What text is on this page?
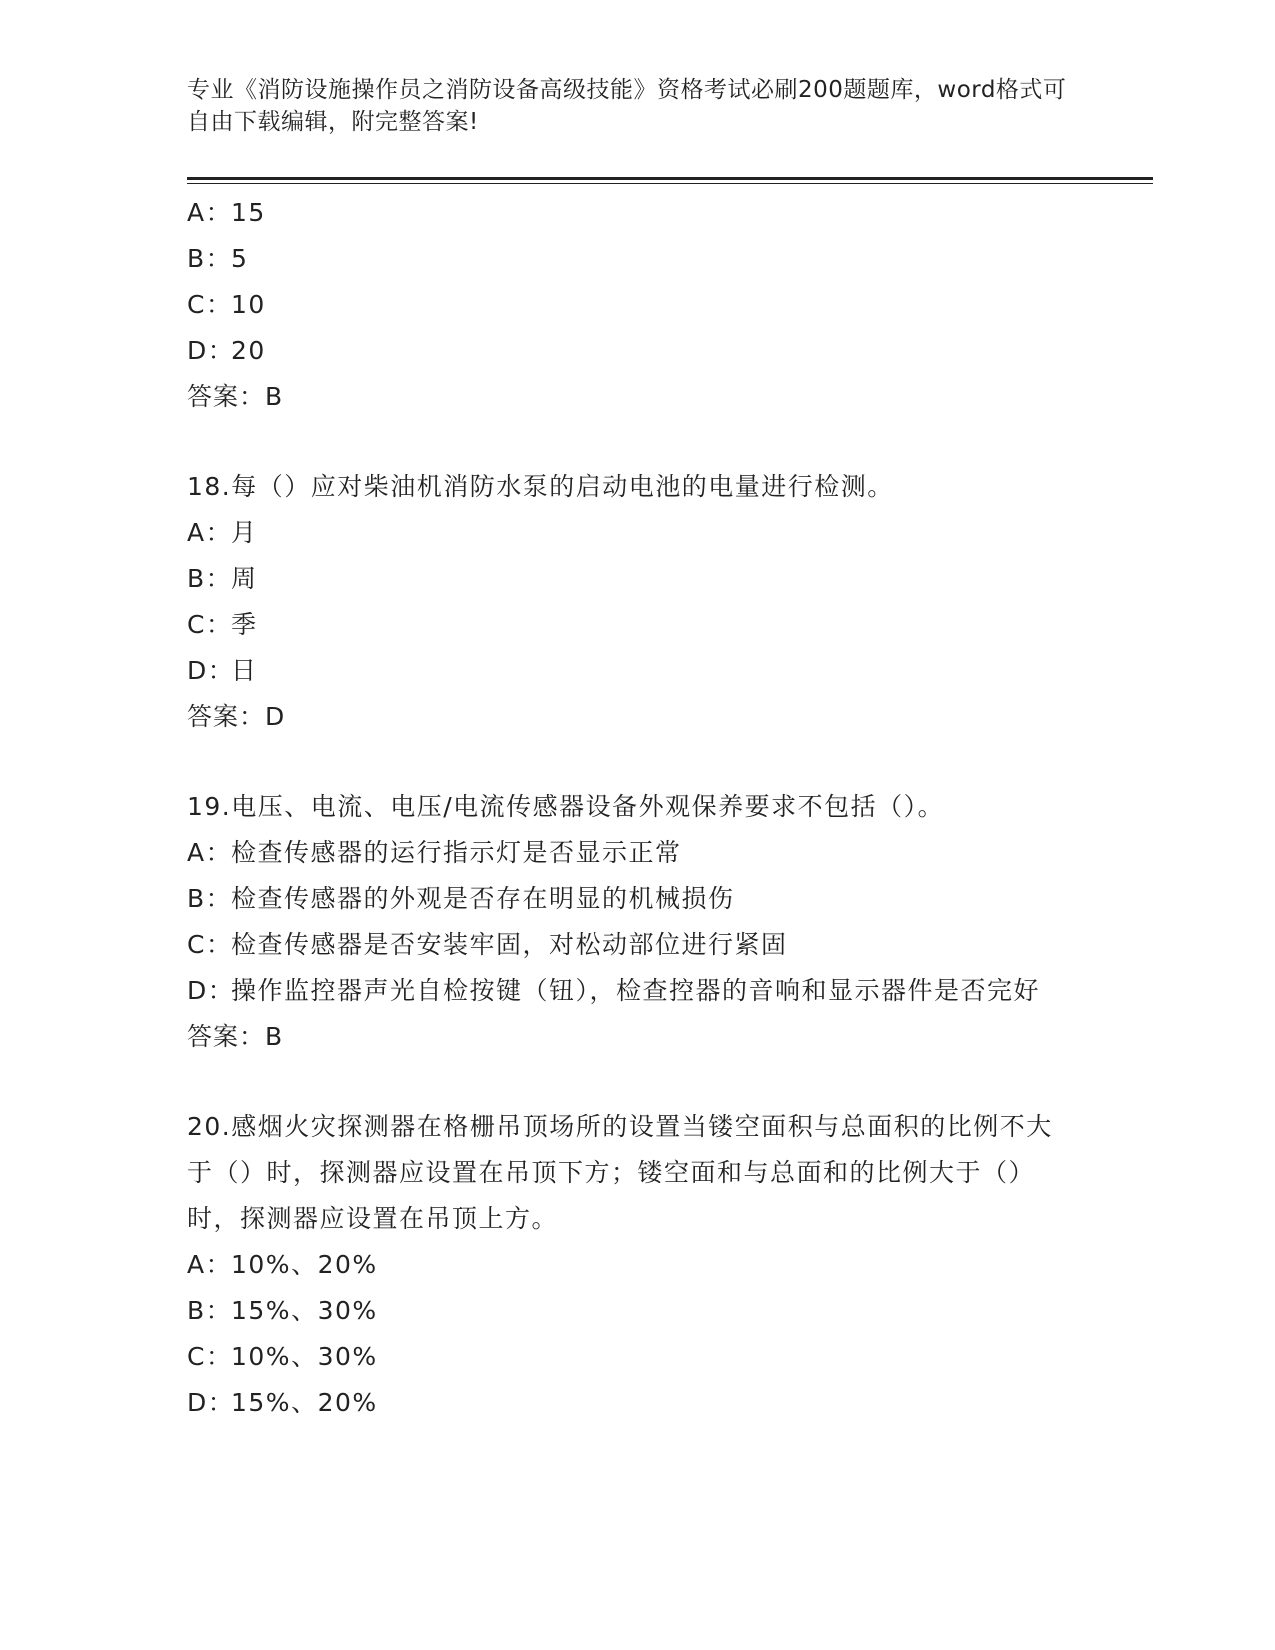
专业《消防设施操作员之消防设备高级技能》资格考试必刷200题题库，word格式可自由下载编辑，附完整答案!
A：15
B：5
C：10
D：20
答案：B
18.每（）应对柴油机消防水泵的启动电池的电量进行检测。
A：月
B：周
C：季
D：日
答案：D
19.电压、电流、电压/电流传感器设备外观保养要求不包括（）。
A：检查传感器的运行指示灯是否显示正常
B：检查传感器的外观是否存在明显的机械损伤
C：检查传感器是否安装牢固，对松动部位进行紧固
D：操作监控器声光自检按键（钮），检查控器的音响和显示器件是否完好
答案：B
20.感烟火灾探测器在格栅吊顶场所的设置当镂空面积与总面积的比例不大于（）时，探测器应设置在吊顶下方；镂空面和与总面和的比例大于（）时，探测器应设置在吊顶上方。
A：10%、20%
B：15%、30%
C：10%、30%
D：15%、20%
